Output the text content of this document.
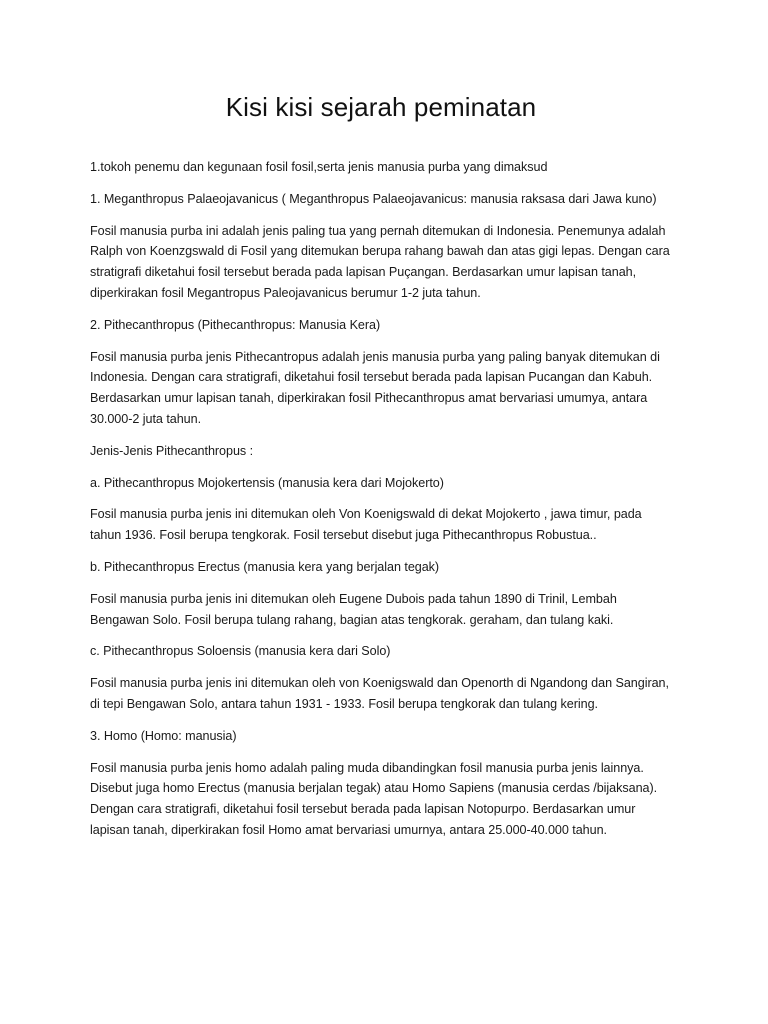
Kisi kisi sejarah peminatan

1.tokoh penemu dan kegunaan fosil fosil,serta jenis manusia purba yang dimaksud

1. Meganthropus Palaeojavanicus ( Meganthropus Palaeojavanicus: manusia raksasa dari Jawa kuno)

Fosil manusia purba ini adalah jenis paling tua yang pernah ditemukan di Indonesia. Penemunya adalah Ralph von Koenzgswald di Fosil yang ditemukan berupa rahang bawah dan atas gigi lepas. Dengan cara stratigrafi diketahui fosil tersebut berada pada lapisan Puçangan. Berdasarkan umur lapisan tanah, diperkirakan fosil Megantropus Paleojavanicus berumur 1-2 juta tahun.

2. Pithecanthropus (Pithecanthropus: Manusia Kera)

Fosil manusia purba jenis Pithecantropus adalah jenis manusia purba yang paling banyak ditemukan di Indonesia. Dengan cara stratigrafi, diketahui fosil tersebut berada pada lapisan Pucangan dan Kabuh. Berdasarkan umur lapisan tanah, diperkirakan fosil Pithecanthropus amat bervariasi umumya, antara 30.000-2 juta tahun.

Jenis-Jenis Pithecanthropus :

a. Pithecanthropus Mojokertensis (manusia kera dari Mojokerto)

Fosil manusia purba jenis ini ditemukan oleh Von Koenigswald di dekat Mojokerto , jawa timur, pada tahun 1936. Fosil berupa tengkorak. Fosil tersebut disebut juga Pithecanthropus Robustua..

b. Pithecanthropus Erectus (manusia kera yang berjalan tegak)

Fosil manusia purba jenis ini ditemukan oleh Eugene Dubois pada tahun 1890 di Trinil, Lembah Bengawan Solo. Fosil berupa tulang rahang, bagian atas tengkorak. geraham, dan tulang kaki.

c. Pithecanthropus Soloensis (manusia kera dari Solo)

Fosil manusia purba jenis ini ditemukan oleh von Koenigswald dan Openorth di Ngandong dan Sangiran, di tepi Bengawan Solo, antara tahun 1931 - 1933. Fosil berupa tengkorak dan tulang kering.

3. Homo (Homo: manusia)

Fosil manusia purba jenis homo adalah paling muda dibandingkan fosil manusia purba jenis lainnya. Disebut juga homo Erectus (manusia berjalan tegak) atau Homo Sapiens (manusia cerdas /bijaksana). Dengan cara stratigrafi, diketahui fosil tersebut berada pada lapisan Notopurpo. Berdasarkan umur lapisan tanah, diperkirakan fosil Homo amat bervariasi umurnya, antara 25.000-40.000 tahun.
